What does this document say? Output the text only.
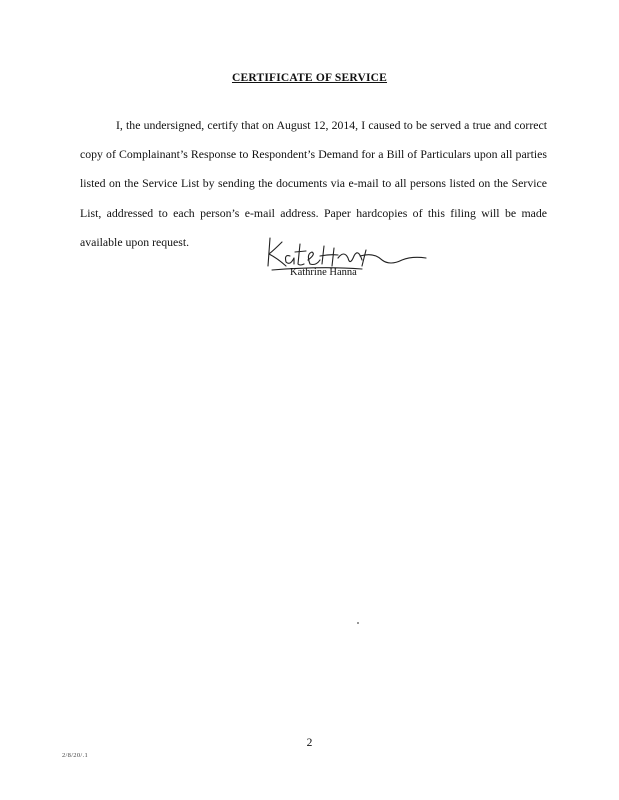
CERTIFICATE OF SERVICE

I, the undersigned, certify that on August 12, 2014, I caused to be served a true and correct copy of Complainant’s Response to Respondent’s Demand for a Bill of Particulars upon all parties listed on the Service List by sending the documents via e-mail to all persons listed on the Service List, addressed to each person’s e-mail address. Paper hardcopies of this filing will be made available upon request.

Kathrine Hanna
2
2/8/20/.1
